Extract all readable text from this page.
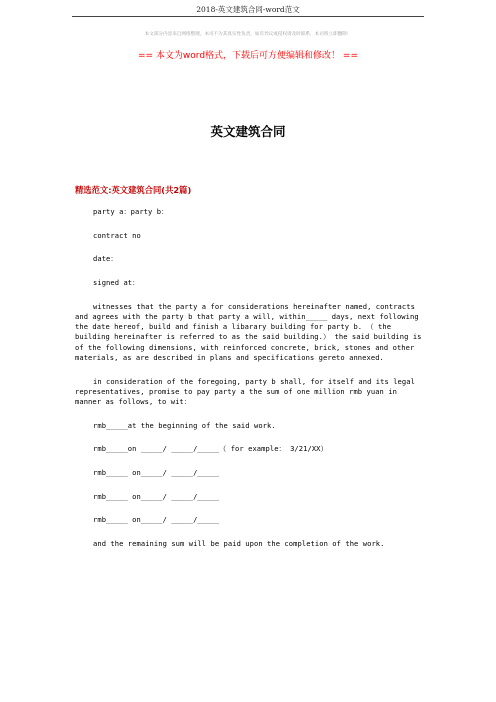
2018-英文建筑合同-word范文
本文部分内容来自网络整理，本司不为其真实性负责，如有异议或侵权请及时联系，本司将立即删除！
== 本文为word格式，下载后可方便编辑和修改！ ==
英文建筑合同
精选范文:英文建筑合同(共2篇)

party a：party b：

contract no

date：

signed at：

witnesses that the party a for considerations hereinafter named, contracts and agrees with the party b that party a will, within_____ days, next following the date hereof, build and finish a libarary building for party b. （ the building hereinafter is referred to as the said building.） the said building is of the following dimensions, with reinforced concrete, brick, stones and other materials, as are described in plans and specifications gereto annexed.

in consideration of the foregoing, party b shall, for itself and its legal representatives, promise to pay party a the sum of one million rmb yuan in manner as follows, to wit：

rmb_____at the beginning of the said work.

rmb_____on _____/ _____/_____（ for example： 3/21/XX）

rmb_____ on_____/ _____/_____

rmb_____ on_____/ _____/_____

rmb_____ on_____/ _____/_____

and the remaining sum will be paid upon the completion of the work.
